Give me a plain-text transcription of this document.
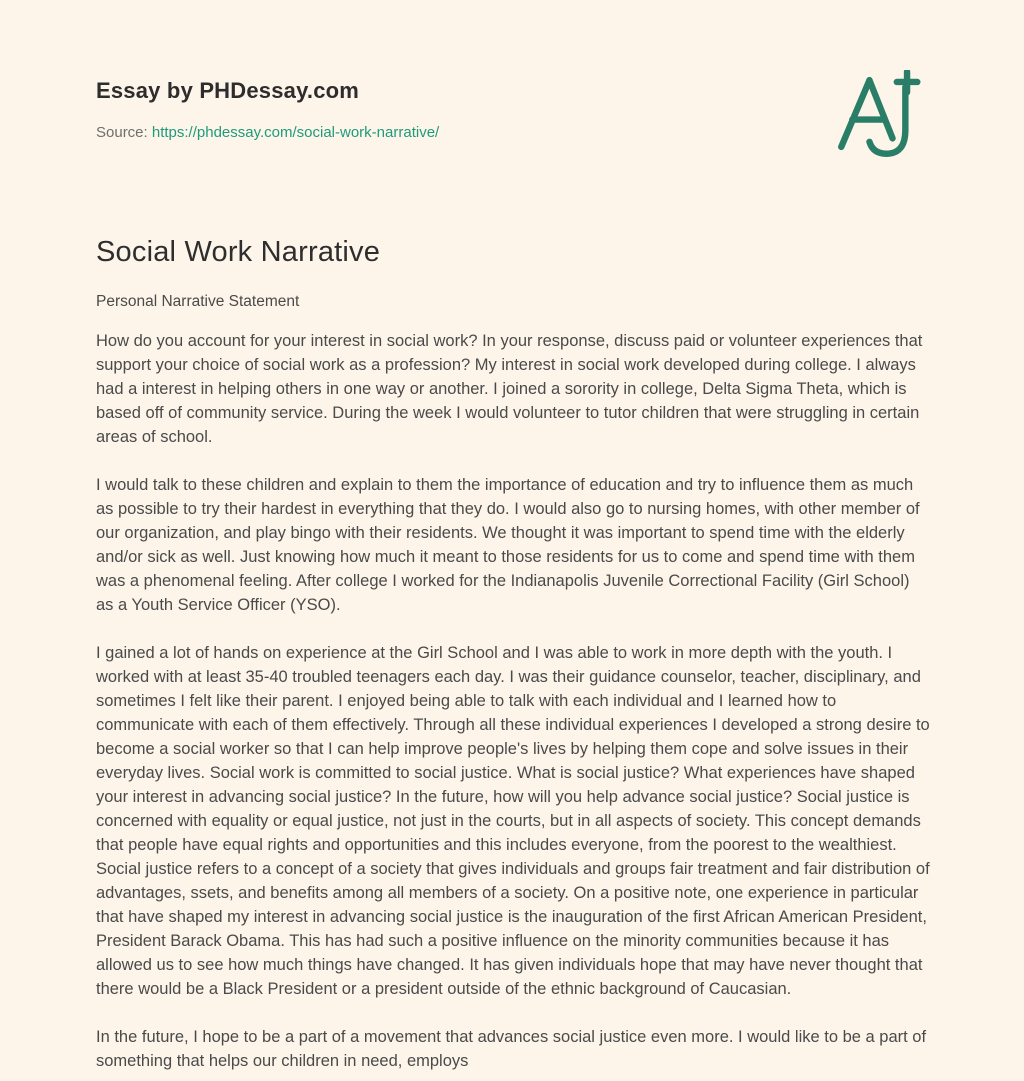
Essay by PHDessay.com
Source: https://phdessay.com/social-work-narrative/
Social Work Narrative

Personal Narrative Statement

How do you account for your interest in social work? In your response, discuss paid or volunteer experiences that support your choice of social work as a profession? My interest in social work developed during college. I always had a interest in helping others in one way or another. I joined a sorority in college, Delta Sigma Theta, which is based off of community service. During the week I would volunteer to tutor children that were struggling in certain areas of school.

I would talk to these children and explain to them the importance of education and try to influence them as much as possible to try their hardest in everything that they do. I would also go to nursing homes, with other member of our organization, and play bingo with their residents. We thought it was important to spend time with the elderly and/or sick as well. Just knowing how much it meant to those residents for us to come and spend time with them was a phenomenal feeling. After college I worked for the Indianapolis Juvenile Correctional Facility (Girl School) as a Youth Service Officer (YSO).

I gained a lot of hands on experience at the Girl School and I was able to work in more depth with the youth. I worked with at least 35-40 troubled teenagers each day. I was their guidance counselor, teacher, disciplinary, and sometimes I felt like their parent. I enjoyed being able to talk with each individual and I learned how to communicate with each of them effectively. Through all these individual experiences I developed a strong desire to become a social worker so that I can help improve people's lives by helping them cope and solve issues in their everyday lives. Social work is committed to social justice. What is social justice? What experiences have shaped your interest in advancing social justice? In the future, how will you help advance social justice? Social justice is concerned with equality or equal justice, not just in the courts, but in all aspects of society. This concept demands that people have equal rights and opportunities and this includes everyone, from the poorest to the wealthiest. Social justice refers to a concept of a society that gives individuals and groups fair treatment and fair distribution of advantages, ssets, and benefits among all members of a society. On a positive note, one experience in particular that have shaped my interest in advancing social justice is the inauguration of the first African American President, President Barack Obama. This has had such a positive influence on the minority communities because it has allowed us to see how much things have changed. It has given individuals hope that may have never thought that there would be a Black President or a president outside of the ethnic background of Caucasian.

In the future, I hope to be a part of a movement that advances social justice even more. I would like to be a part of something that helps our children in need, employs
